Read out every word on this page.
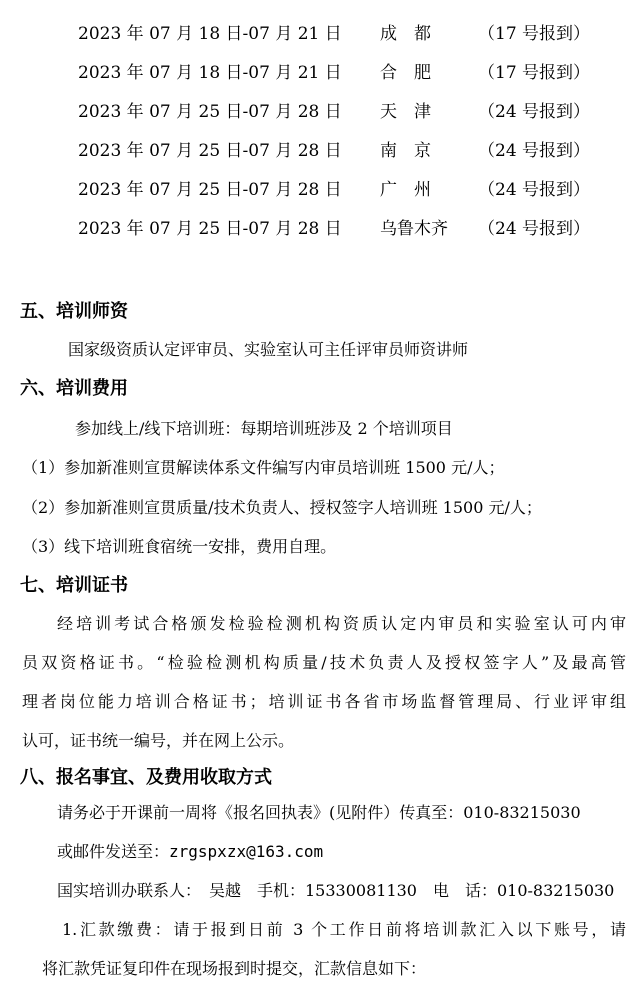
2023 年 07 月 18 日-07 月 21 日 成　都	（17 号报到）
2023 年 07 月 18 日-07 月 21 日 合　肥	（17 号报到）
2023 年 07 月 25 日-07 月 28 日 天　津	（24 号报到）
2023 年 07 月 25 日-07 月 28 日 南　京	（24 号报到）
2023 年 07 月 25 日-07 月 28 日 广　州	（24 号报到）
2023 年 07 月 25 日-07 月 28 日 乌鲁木齐 （24 号报到）
五、培训师资
国家级资质认定评审员、实验室认可主任评审员师资讲师
六、培训费用
参加线上/线下培训班：每期培训班涉及 2 个培训项目
（1）参加新准则宣贯解读体系文件编写内审员培训班 1500 元/人；
（2）参加新准则宣贯质量/技术负责人、授权签字人培训班 1500 元/人；
（3）线下培训班食宿统一安排，费用自理。
七、培训证书
经培训考试合格颁发检验检测机构资质认定内审员和实验室认可内审
员双资格证书。“检验检测机构质量/技术负责人及授权签字人”及最高管
理者岗位能力培训合格证书；培训证书各省市场监督管理局、行业评审组
认可，证书统一编号，并在网上公示。
八、报名事宜、及费用收取方式
请务必于开课前一周将《报名回执表》(见附件）传真至：010-83215030
或邮件发送至：zrgspxzx@163.com
国实培训办联系人：　吴越　手机：15330081130　电　话：010-83215030
1.汇款缴费：请于报到日前 3 个工作日前将培训款汇入以下账号，请
将汇款凭证复印件在现场报到时提交，汇款信息如下：
